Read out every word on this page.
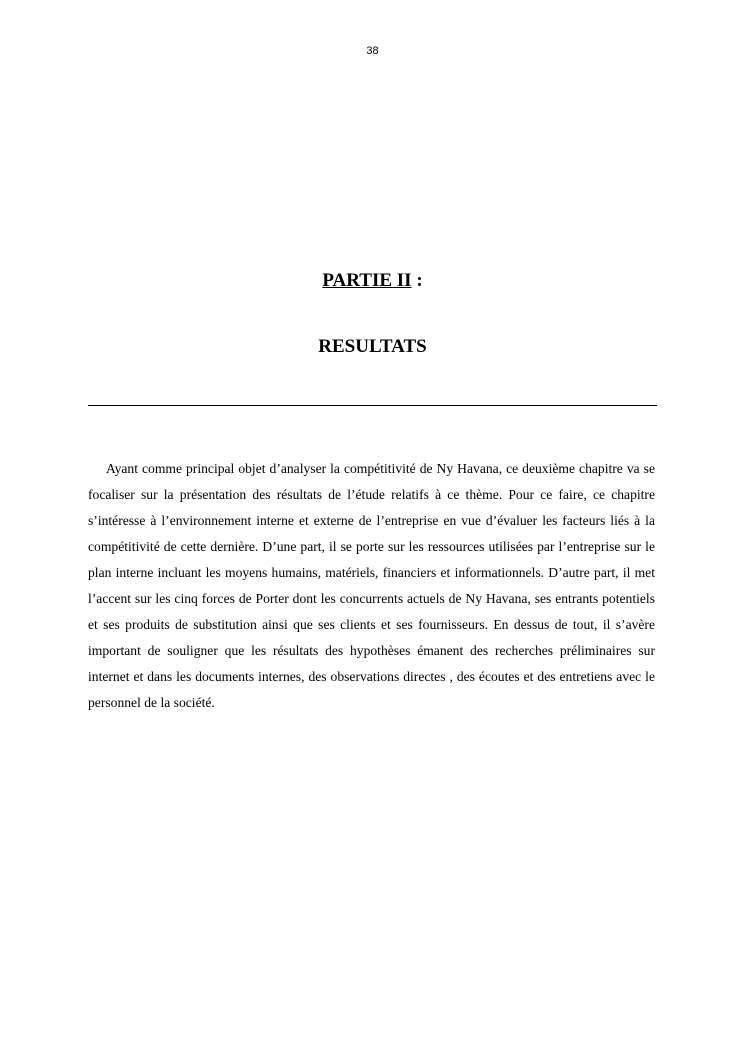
38
PARTIE II :
RESULTATS

Ayant comme principal objet d’analyser la compétitivité de Ny Havana, ce deuxième chapitre va se focaliser sur la présentation des résultats de l’étude relatifs à ce thème. Pour ce faire, ce chapitre s’intéresse à l’environnement interne et externe de l’entreprise en vue d’évaluer les facteurs liés à la compétitivité de cette dernière. D’une part, il se porte sur les ressources utilisées par l’entreprise sur le plan interne incluant les moyens humains, matériels, financiers et informationnels. D’autre part, il met l’accent sur les cinq forces de Porter dont les concurrents actuels de Ny Havana, ses entrants potentiels et ses produits de substitution ainsi que ses clients et ses fournisseurs. En dessus de tout, il s’avère important de souligner que les résultats des hypothèses émanent des recherches préliminaires sur internet et dans les documents internes, des observations directes , des écoutes et des entretiens avec le personnel de la société.
